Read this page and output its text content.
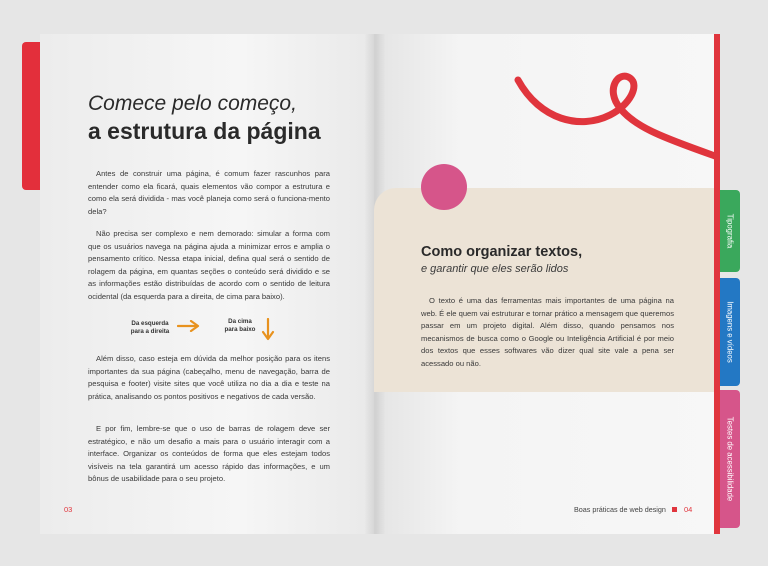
Comece pelo começo,
a estrutura da página

Antes de construir uma página, é comum fazer rascunhos para entender como ela ficará, quais elementos vão compor a estrutura e como ela será dividida - mas você planeja como será o funciona-mento dela?

Não precisa ser complexo e nem demorado: simular a forma com que os usuários navega na página ajuda a minimizar erros e amplia o pensamento crítico. Nessa etapa inicial, defina qual será o sentido de rolagem da página, em quantas seções o conteúdo será dividido e se as informações estão distribuídas de acordo com o sentido de leitura ocidental (da esquerda para a direita, de cima para baixo).

Da esquerda para a direita
Da cima para baixo

Além disso, caso esteja em dúvida da melhor posição para os itens importantes da sua página (cabeçalho, menu de navegação, barra de pesquisa e footer) visite sites que você utiliza no dia a dia e teste na prática, analisando os pontos positivos e negativos de cada versão.

E por fim, lembre-se que o uso de barras de rolagem deve ser estratégico, e não um desafio a mais para o usuário interagir com a interface. Organizar os conteúdos de forma que eles estejam todos visíveis na tela garantirá um acesso rápido das informações, e um bônus de usabilidade para o seu projeto.

03
Como organizar textos,
e garantir que eles serão lidos

O texto é uma das ferramentas mais importantes de uma página na web. É ele quem vai estruturar e tornar prático a mensagem que queremos passar em um projeto digital. Além disso, quando pensamos nos mecanismos de busca como o Google ou Inteligência Artificial é por meio dos textos que esses softwares vão dizer qual site vale a pena ser acessado ou não.

Boas práticas de web design 04
Tipografia
Imagens e vídeos
Testes de acessibilidade
